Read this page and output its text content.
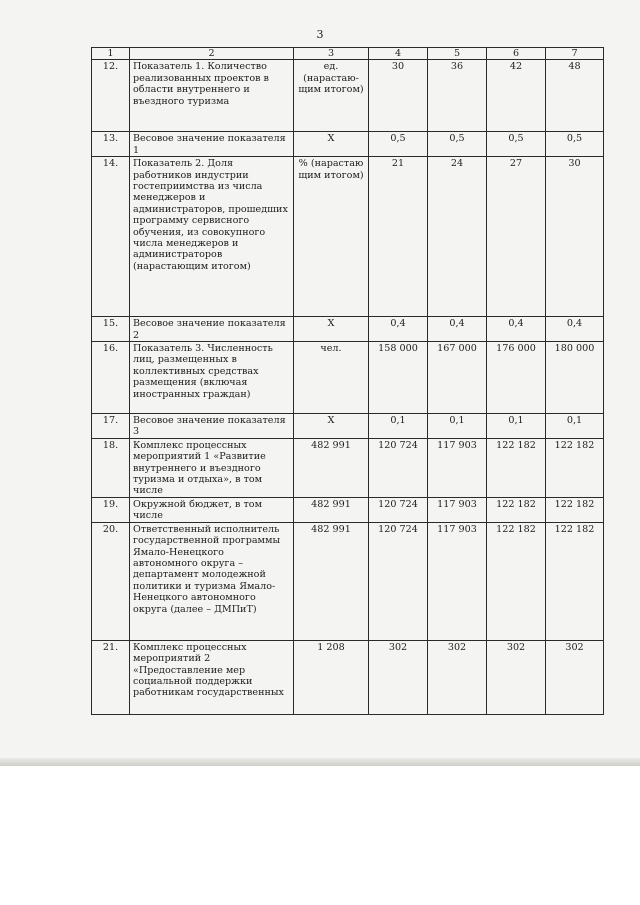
3
1	2	3	4	5	6	7
12.	Показатель 1. Количество реализованных проектов в области внутреннего и въездного туризма	ед. (нарастаю- щим итогом)	30	36	42	48
13.	Весовое значение показателя 1	Х	0,5	0,5	0,5	0,5
14.	Показатель 2. Доля работников индустрии гостеприимства из числа менеджеров и администраторов, прошедших программу сервисного обучения, из совокупного числа менеджеров и администраторов (нарастающим итогом)	% (нарастаю щим итогом)	21	24	27	30
15.	Весовое значение показателя 2	Х	0,4	0,4	0,4	0,4
16.	Показатель 3. Численность лиц, размещенных в коллективных средствах размещения (включая иностранных граждан)	чел.	158 000	167 000	176 000	180 000
17.	Весовое значение показателя 3	Х	0,1	0,1	0,1	0,1
18.	Комплекс процессных мероприятий 1 «Развитие внутреннего и въездного туризма и отдыха», в том числе	482 991	120 724	117 903	122 182	122 182
19.	Окружной бюджет, в том числе	482 991	120 724	117 903	122 182	122 182
20.	Ответственный исполнитель государственной программы Ямало-Ненецкого автономного округа – департамент молодежной политики и туризма Ямало-Ненецкого автономного округа (далее – ДМПиТ)	482 991	120 724	117 903	122 182	122 182
21.	Комплекс процессных мероприятий 2 «Предоставление мер социальной поддержки работникам государственных	1 208	302	302	302	302
